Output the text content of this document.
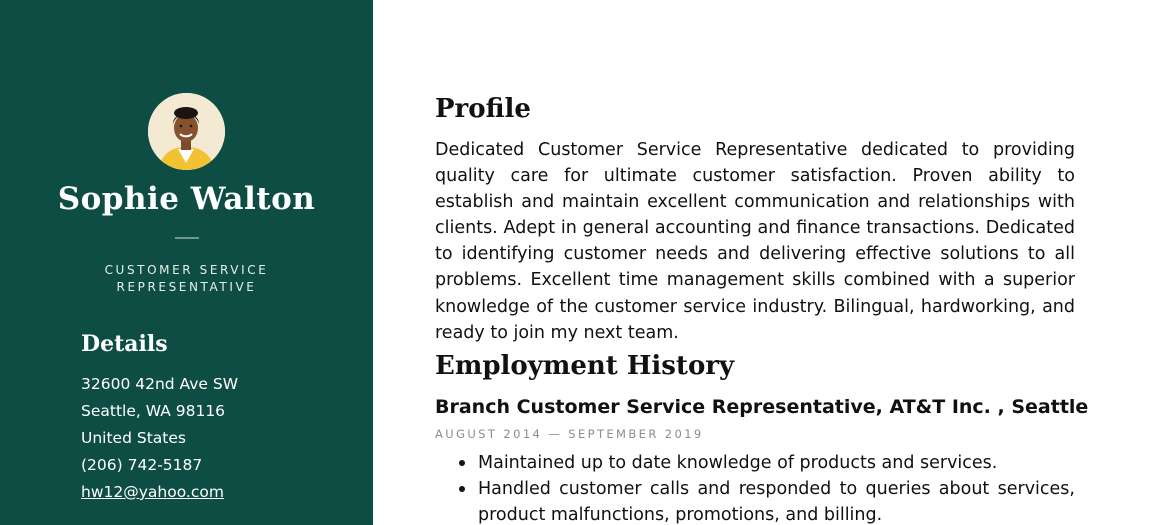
Sophie Walton
CUSTOMER SERVICE REPRESENTATIVE
Details
32600 42nd Ave SW
Seattle, WA 98116
United States
(206) 742-5187
hw12@yahoo.com
Profile
Dedicated Customer Service Representative dedicated to providing quality care for ultimate customer satisfaction. Proven ability to establish and maintain excellent communication and relationships with clients. Adept in general accounting and finance transactions. Dedicated to identifying customer needs and delivering effective solutions to all problems. Excellent time management skills combined with a superior knowledge of the customer service industry. Bilingual, hardworking, and ready to join my next team.
Employment History
Branch Customer Service Representative, AT&T Inc. , Seattle
AUGUST 2014 — SEPTEMBER 2019
Maintained up to date knowledge of products and services.
Handled customer calls and responded to queries about services, product malfunctions, promotions, and billing.
